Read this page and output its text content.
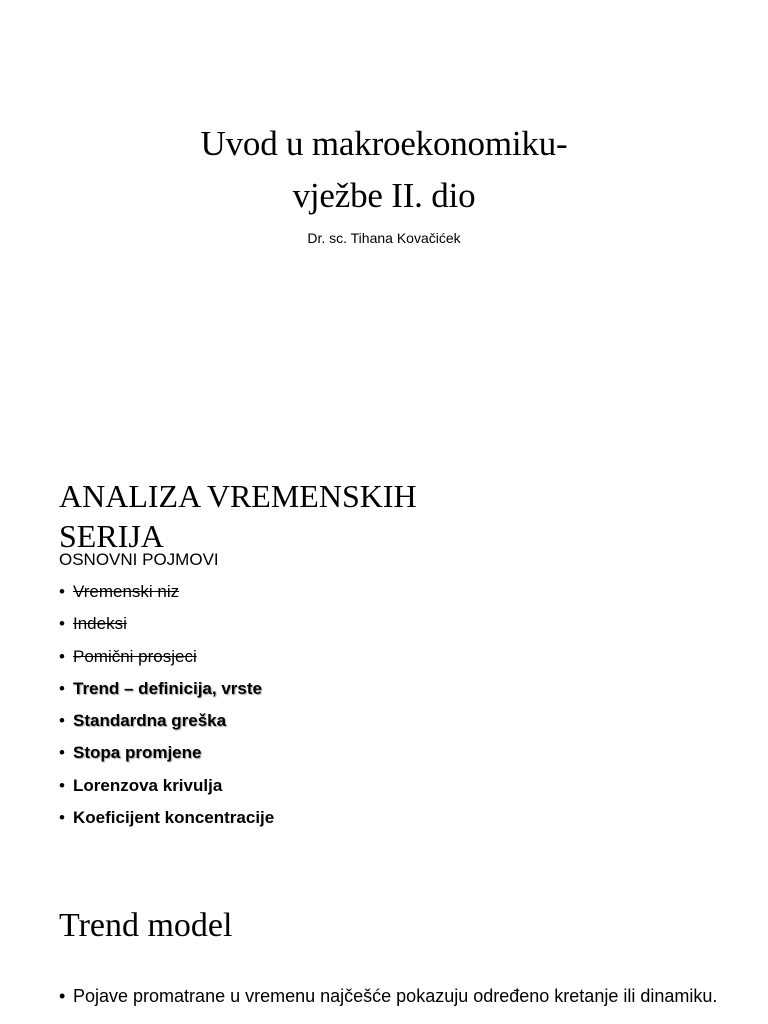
Uvod u makroekonomiku-
vježbe II. dio
Dr. sc. Tihana Kovačićek
ANALIZA VREMENSKIH
SERIJA
OSNOVNI POJMOVI
• Vremenski niz
• Indeksi
• Pomični prosjeci
• Trend – definicija, vrste
• Standardna greška
• Stopa promjene
• Lorenzova krivulja
• Koeficijent koncentracije
Trend model
• Pojave promatrane u vremenu najčešće pokazuju određeno kretanje ili dinamiku.
